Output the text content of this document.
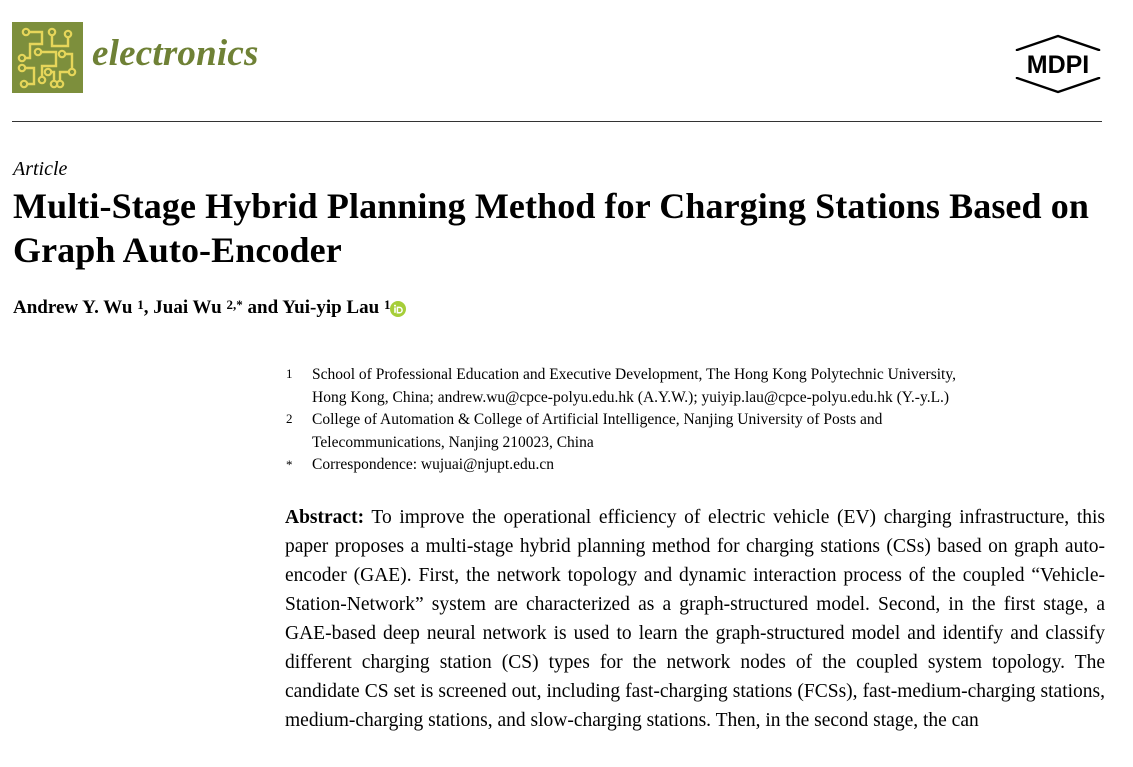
electronics	MDPI
Article
Multi-Stage Hybrid Planning Method for Charging Stations Based on Graph Auto-Encoder
Andrew Y. Wu $^1$, Juai Wu $^{2,*}$ and Yui-yip Lau $^1$
1 School of Professional Education and Executive Development, The Hong Kong Polytechnic University,
Hong Kong, China; andrew.wu@cpce-polyu.edu.hk (A.Y.W.); yuiyip.lau@cpce-polyu.edu.hk (Y.-y.L.)
2 College of Automation & College of Artificial Intelligence, Nanjing University of Posts and
Telecommunications, Nanjing 210023, China
* Correspondence: wujuai@njupt.edu.cn

Abstract: To improve the operational efficiency of electric vehicle (EV) charging infrastructure, this paper proposes a multi-stage hybrid planning method for charging stations (CSs) based on graph auto-encoder (GAE). First, the network topology and dynamic interaction process of the coupled “Vehicle-Station-Network” system are characterized as a graph-structured model. Second, in the first stage, a GAE-based deep neural network is used to learn the graph-structured model and identify and classify different charging station (CS) types for the network nodes of the coupled system topology. The candidate CS set is screened out, including fast-charging stations (FCSs), fast-medium-charging stations, medium-charging stations, and slow-charging stations. Then, in the second stage, the can
